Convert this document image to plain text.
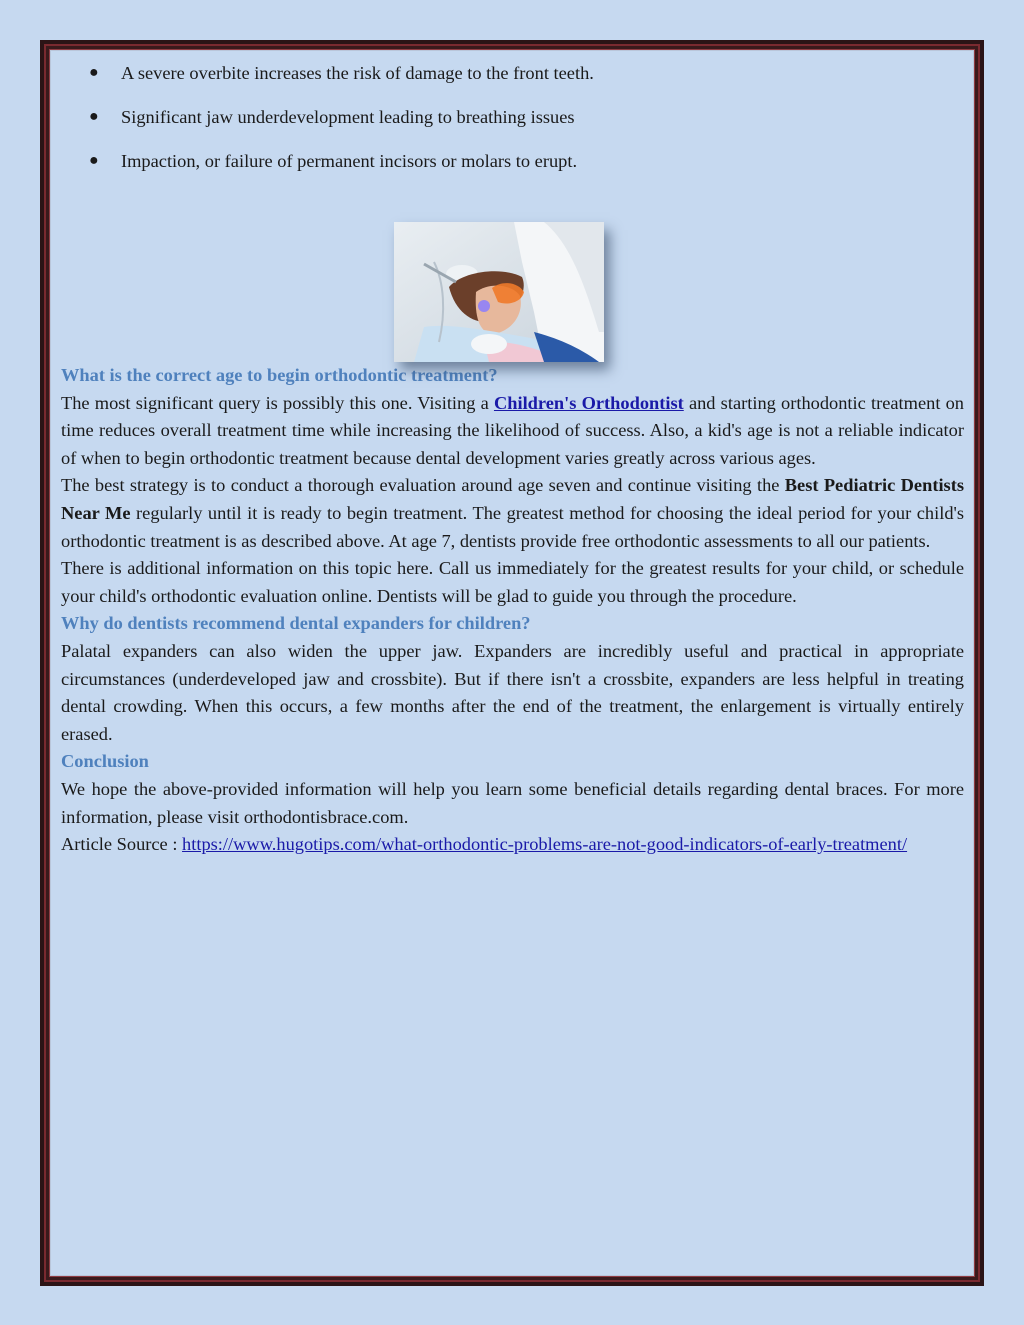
● A severe overbite increases the risk of damage to the front teeth.
● Significant jaw underdevelopment leading to breathing issues
● Impaction, or failure of permanent incisors or molars to erupt.
What is the correct age to begin orthodontic treatment?

The most significant query is possibly this one. Visiting a Children's Orthodontist and starting orthodontic treatment on time reduces overall treatment time while increasing the likelihood of success. Also, a kid's age is not a reliable indicator of when to begin orthodontic treatment because dental development varies greatly across various ages.

The best strategy is to conduct a thorough evaluation around age seven and continue visiting the Best Pediatric Dentists Near Me regularly until it is ready to begin treatment. The greatest method for choosing the ideal period for your child's orthodontic treatment is as described above. At age 7, dentists provide free orthodontic assessments to all our patients.

There is additional information on this topic here. Call us immediately for the greatest results for your child, or schedule your child's orthodontic evaluation online. Dentists will be glad to guide you through the procedure.

Why do dentists recommend dental expanders for children?

Palatal expanders can also widen the upper jaw. Expanders are incredibly useful and practical in appropriate circumstances (underdeveloped jaw and crossbite). But if there isn't a crossbite, expanders are less helpful in treating dental crowding. When this occurs, a few months after the end of the treatment, the enlargement is virtually entirely erased.

Conclusion

We hope the above-provided information will help you learn some beneficial details regarding dental braces. For more information, please visit orthodontisbrace.com.

Article Source : https://www.hugotips.com/what-orthodontic-problems-are-not-good-indicators-of-early-treatment/
